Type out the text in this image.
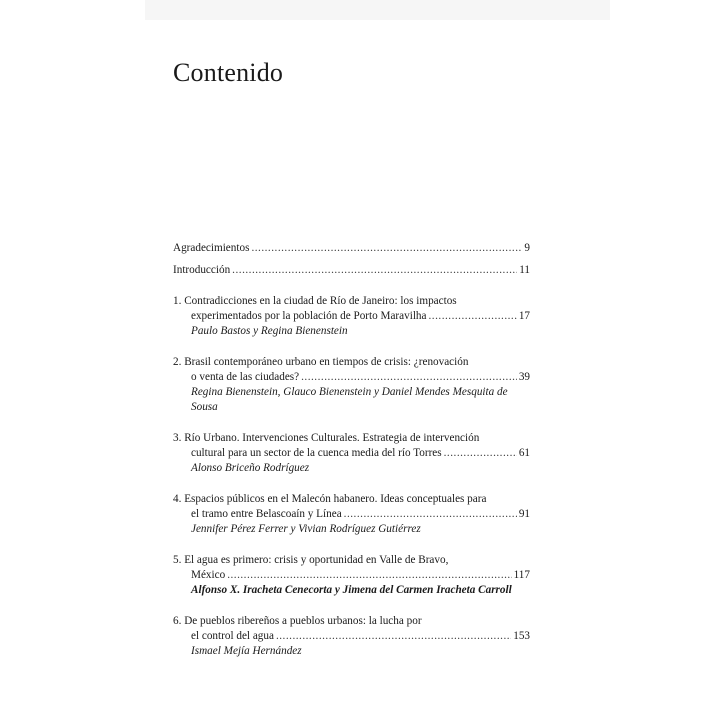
Contenido
Agradecimientos .....	9
Introducción .....	11
1. Contradicciones en la ciudad de Río de Janeiro: los impactos
experimentados por la población de Porto Maravilha .....	17
Paulo Bastos y Regina Bienenstein
2. Brasil contemporáneo urbano en tiempos de crisis: ¿renovación
o venta de las ciudades? .....	39
Regina Bienenstein, Glauco Bienenstein y Daniel Mendes Mesquita de Sousa
3. Río Urbano. Intervenciones Culturales. Estrategia de intervención
cultural para un sector de la cuenca media del río Torres .....	61
Alonso Briceño Rodríguez
4. Espacios públicos en el Malecón habanero. Ideas conceptuales para
el tramo entre Belascoaín y Línea .....	91
Jennifer Pérez Ferrer y Vivian Rodríguez Gutiérrez
5. El agua es primero: crisis y oportunidad en Valle de Bravo,
México .....	117
Alfonso X. Iracheta Cenecorta y Jimena del Carmen Iracheta Carroll
6. De pueblos ribereños a pueblos urbanos: la lucha por
el control del agua .....	153
Ismael Mejía Hernández
